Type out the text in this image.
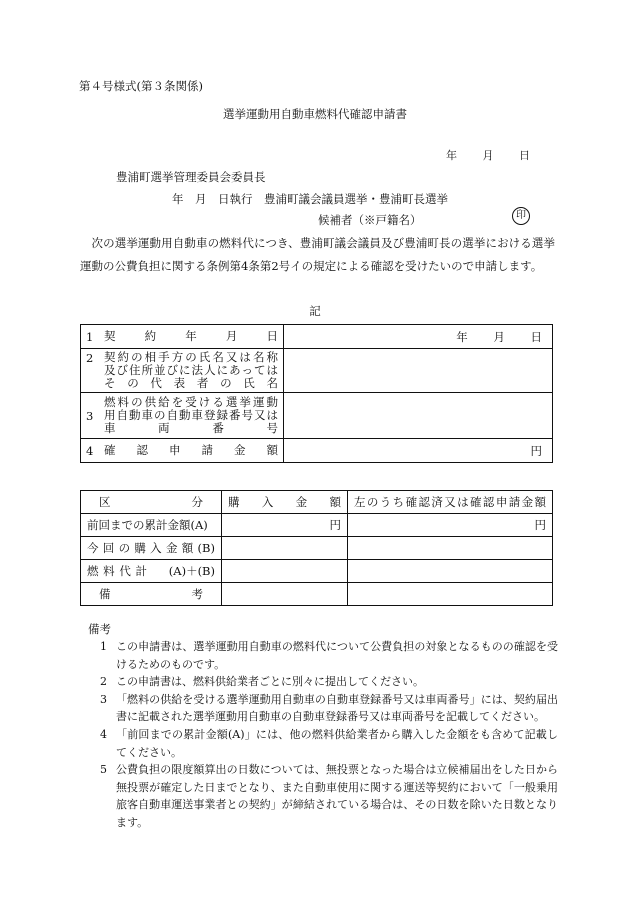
第４号様式(第３条関係)
選挙運動用自動車燃料代確認申請書
年 月 日
豊浦町選挙管理委員会委員長
年　月　日執行　豊浦町議会議員選挙・豊浦町長選挙
候補者（※戸籍名）	印
次の選挙運動用自動車の燃料代につき、豊浦町議会議員及び豊浦町長の選挙における選挙運動の公費負担に関する条例第4条第2号イの規定による確認を受けたいので申請します。
記
1 契約年月日	年 月 日

2 契約の相手方の氏名又は名称
及び住所並びに法人にあっては
その代表者の氏名	

3
燃料の供給を受ける選挙運動
用自動車の自動車登録番号又は
車両番号	

4 確認申請金額	円
区分	購入金額	左のうち確認済又は確認申請金額

前回までの累計金額(A)	円	円

今回の購入金額(B)		

燃料代計 (A)＋(B)		

備考		

備考
1 この申請書は、選挙運動用自動車の燃料代について公費負担の対象となるものの確認を受けるためのものです。
2 この申請書は、燃料供給業者ごとに別々に提出してください。
3 「燃料の供給を受ける選挙運動用自動車の自動車登録番号又は車両番号」には、契約届出書に記載された選挙運動用自動車の自動車登録番号又は車両番号を記載してください。
4 「前回までの累計金額(A)」には、他の燃料供給業者から購入した金額をも含めて記載してください。
5 公費負担の限度額算出の日数については、無投票となった場合は立候補届出をした日から無投票が確定した日までとなり、また自動車使用に関する運送等契約において「一般乗用旅客自動車運送事業者との契約」が締結されている場合は、その日数を除いた日数となります。
